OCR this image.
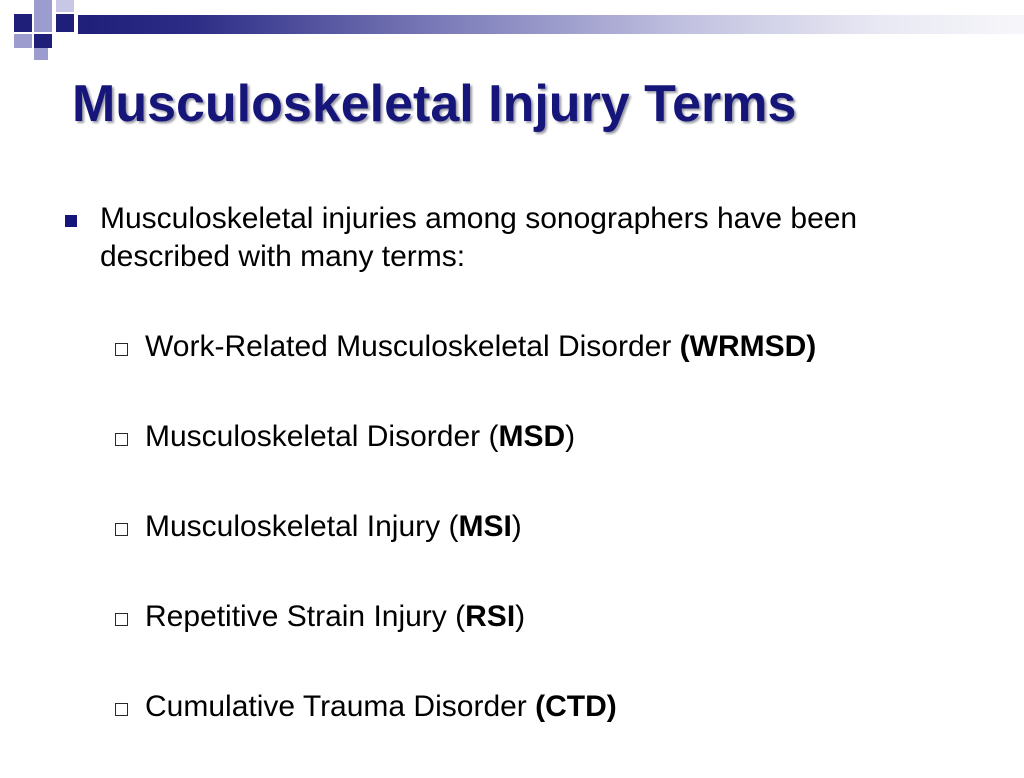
Musculoskeletal Injury Terms
Musculoskeletal injuries among sonographers have been described with many terms:
Work-Related Musculoskeletal Disorder (WRMSD)
Musculoskeletal Disorder (MSD)
Musculoskeletal Injury (MSI)
Repetitive Strain Injury (RSI)
Cumulative Trauma Disorder (CTD)
